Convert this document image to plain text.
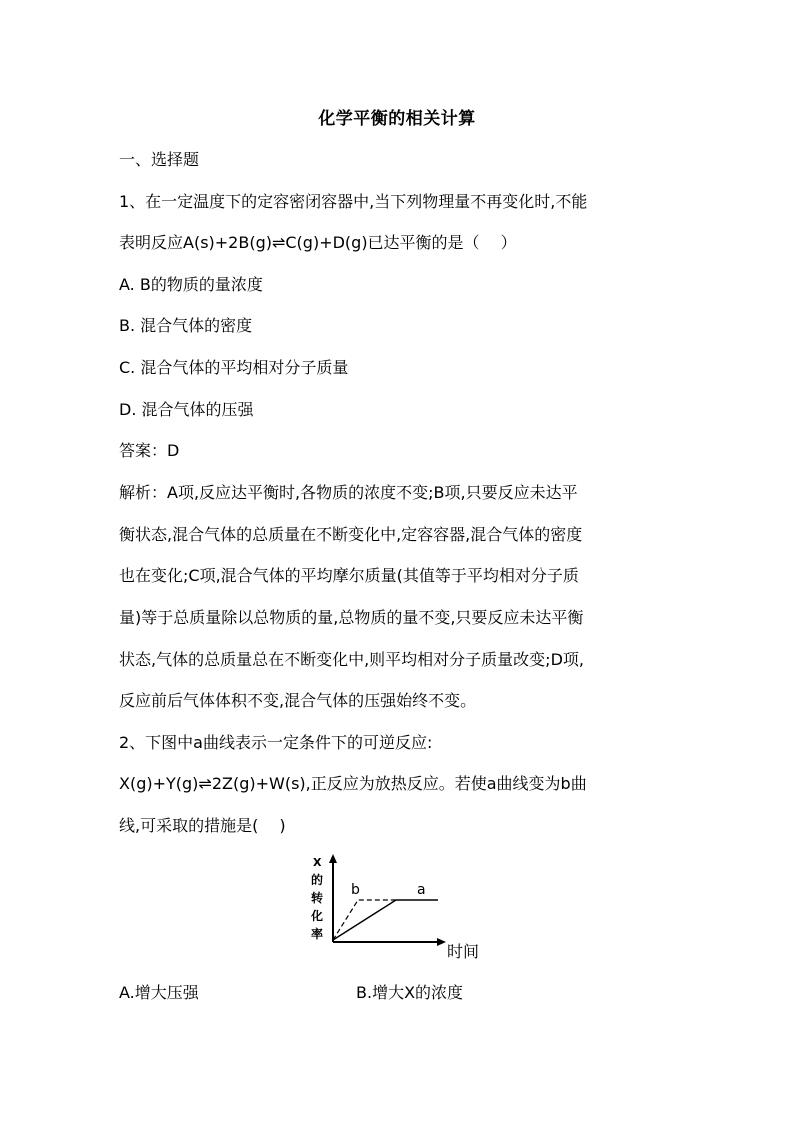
化学平衡的相关计算
一、选择题
1、在一定温度下的定容密闭容器中,当下列物理量不再变化时,不能
表明反应A(s)+2B(g)⇌C(g)+D(g)已达平衡的是（　 ）
A. B的物质的量浓度
B. 混合气体的密度
C. 混合气体的平均相对分子质量
D. 混合气体的压强
答案：D
解析：A项,反应达平衡时,各物质的浓度不变;B项,只要反应未达平
衡状态,混合气体的总质量在不断变化中,定容容器,混合气体的密度
也在变化;C项,混合气体的平均摩尔质量(其值等于平均相对分子质
量)等于总质量除以总物质的量,总物质的量不变,只要反应未达平衡
状态,气体的总质量总在不断变化中,则平均相对分子质量改变;D项,
反应前后气体体积不变,混合气体的压强始终不变。
2、下图中a曲线表示一定条件下的可逆反应:
X(g)+Y(g)⇌2Z(g)+W(s),正反应为放热反应。若使a曲线变为b曲
线,可采取的措施是(　 )
X
的
转
化
率
时间
b	a
A.增大压强	B.增大X的浓度
